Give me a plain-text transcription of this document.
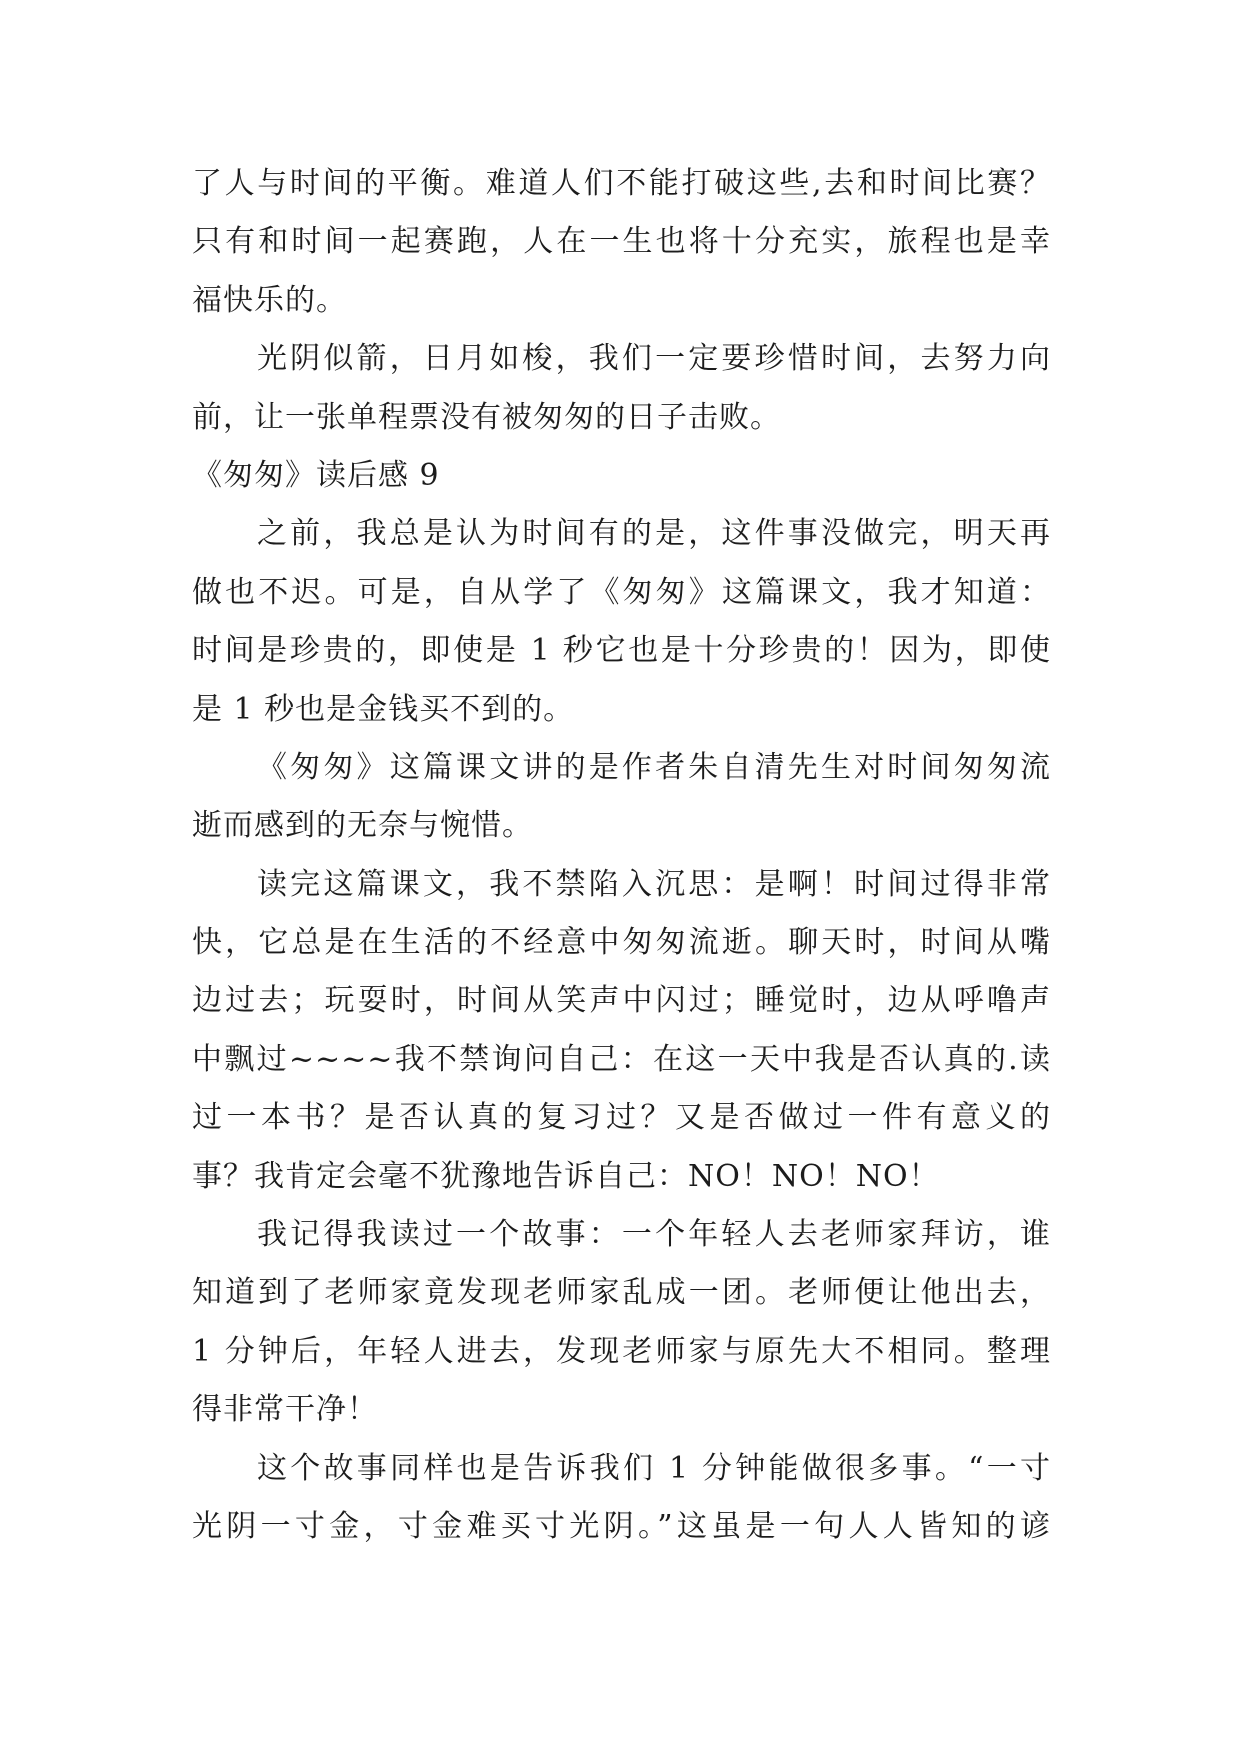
了人与时间的平衡。难道人们不能打破这些,去和时间比赛？
只有和时间一起赛跑，人在一生也将十分充实，旅程也是幸
福快乐的。
光阴似箭，日月如梭，我们一定要珍惜时间，去努力向
前，让一张单程票没有被匆匆的日子击败。
《匆匆》读后感 9
之前，我总是认为时间有的是，这件事没做完，明天再
做也不迟。可是，自从学了《匆匆》这篇课文，我才知道：
时间是珍贵的，即使是 1 秒它也是十分珍贵的！因为，即使
是 1 秒也是金钱买不到的。
《匆匆》这篇课文讲的是作者朱自清先生对时间匆匆流
逝而感到的无奈与惋惜。
读完这篇课文，我不禁陷入沉思：是啊！时间过得非常
快，它总是在生活的不经意中匆匆流逝。聊天时，时间从嘴
边过去；玩耍时，时间从笑声中闪过；睡觉时，边从呼噜声
中飘过~~~~我不禁询问自己：在这一天中我是否认真的.读
过一本书？是否认真的复习过？又是否做过一件有意义的
事？我肯定会毫不犹豫地告诉自己：NO！NO！NO！
我记得我读过一个故事：一个年轻人去老师家拜访，谁
知道到了老师家竟发现老师家乱成一团。老师便让他出去，
1 分钟后，年轻人进去，发现老师家与原先大不相同。整理
得非常干净！
这个故事同样也是告诉我们 1 分钟能做很多事。“一寸
光阴一寸金，寸金难买寸光阴。”这虽是一句人人皆知的谚
